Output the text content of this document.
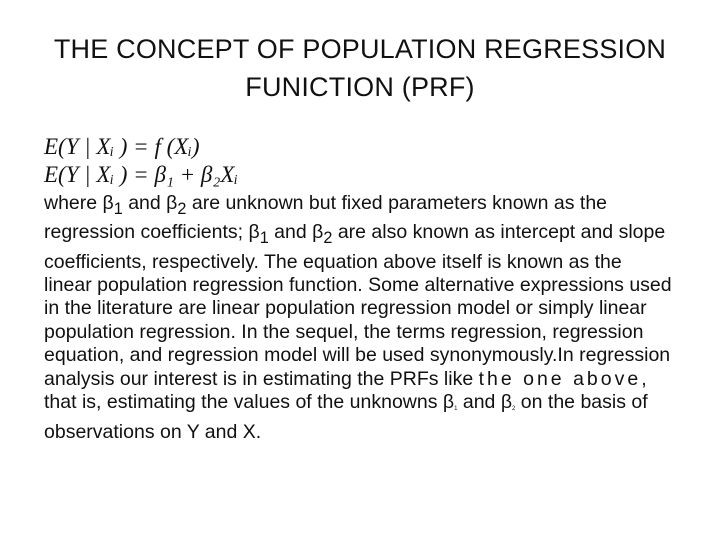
THE CONCEPT OF POPULATION REGRESSION
FUNICTION (PRF)
E(Y | Xᵢ ) = f (Xᵢ)
E(Y | Xᵢ ) = β₁ + β₂Xᵢ
where $\beta_1$ and $\beta_2$ are unknown but fixed parameters known as the regression coefficients; $\beta_1$ and $\beta_2$ are also known as intercept and slope coefficients, respectively. The equation above itself is known as the linear population regression function. Some alternative expressions used in the literature are linear population regression model or simply linear population regression. In the sequel, the terms regression, regression equation, and regression model will be used synonymously.In regression analysis our interest is in estimating the PRFs like the one above, that is, estimating the values of the unknowns β1 and β2 on the basis of observations on Y and X.
